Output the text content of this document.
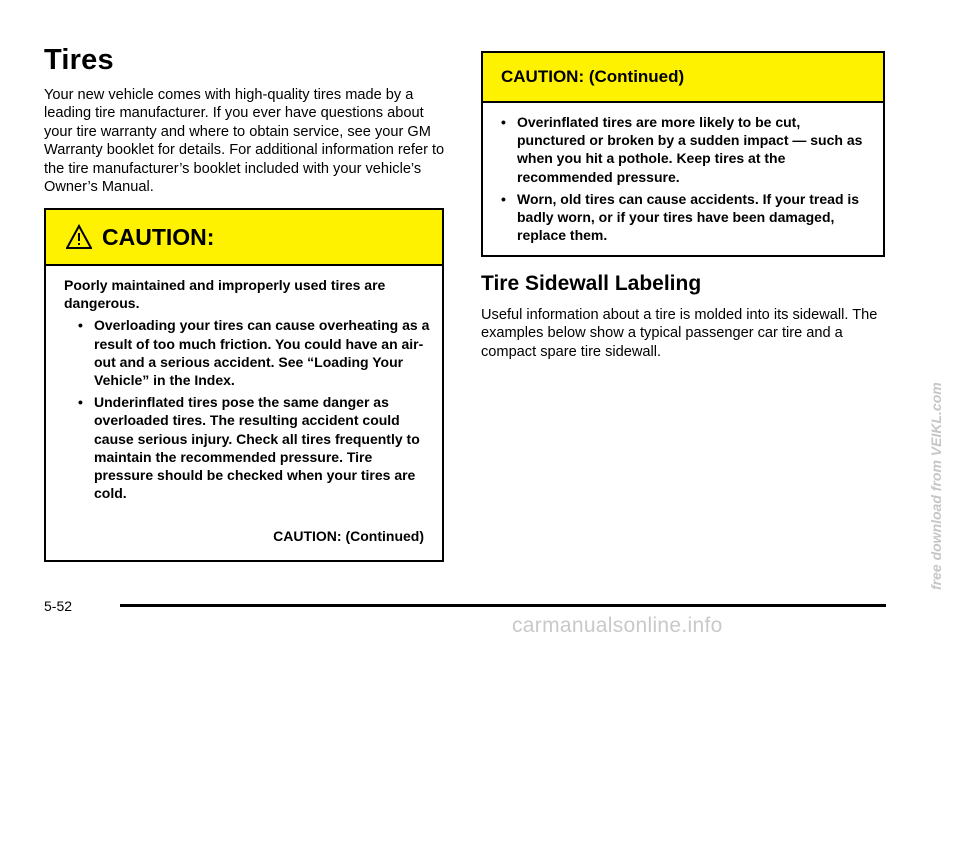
Tires
Your new vehicle comes with high-quality tires made by a leading tire manufacturer. If you ever have questions about your tire warranty and where to obtain service, see your GM Warranty booklet for details. For additional information refer to the tire manufacturer’s booklet included with your vehicle’s Owner’s Manual.
CAUTION:

Poorly maintained and improperly used tires are dangerous.

• Overloading your tires can cause overheating as a result of too much friction. You could have an air-out and a serious accident. See “Loading Your Vehicle” in the Index.
• Underinflated tires pose the same danger as overloaded tires. The resulting accident could cause serious injury. Check all tires frequently to maintain the recommended pressure. Tire pressure should be checked when your tires are cold.
CAUTION: (Continued)
CAUTION: (Continued)
• Overinflated tires are more likely to be cut, punctured or broken by a sudden impact — such as when you hit a pothole. Keep tires at the recommended pressure.
• Worn, old tires can cause accidents. If your tread is badly worn, or if your tires have been damaged, replace them.
Tire Sidewall Labeling
Useful information about a tire is molded into its sidewall. The examples below show a typical passenger car tire and a compact spare tire sidewall.
5-52
free download from VEIKL.com
carmanualsonline.info
